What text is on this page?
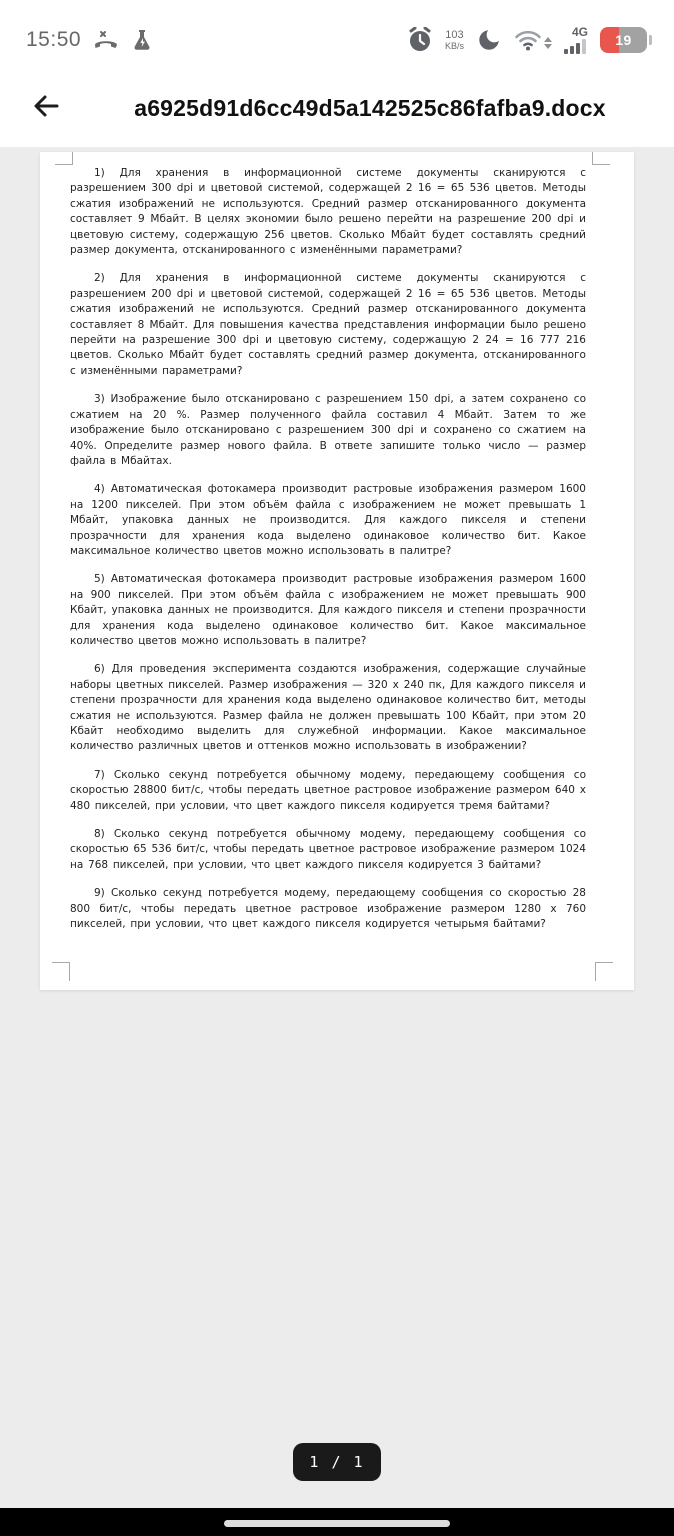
15:50	103
KB/s
4G	19
a6925d91d6cc49d5a142525c86fafba9.docx

1) Для хранения в информационной системе документы сканируются с разрешением 300 dpi и цветовой системой, содержащей 2 16 = 65 536 цветов. Методы сжатия изображений не используются. Средний размер отсканированного документа составляет 9 Мбайт. В целях экономии было решено перейти на разрешение 200 dpi и цветовую систему, содержащую 256 цветов. Сколько Мбайт будет составлять средний размер документа, отсканированного с изменёнными параметрами?

2) Для хранения в информационной системе документы сканируются с разрешением 200 dpi и цветовой системой, содержащей 2 16 = 65 536 цветов. Методы сжатия изображений не используются. Средний размер отсканированного документа составляет 8 Мбайт. Для повышения качества представления информации было решено перейти на разрешение 300 dpi и цветовую систему, содержащую 2 24 = 16 777 216 цветов. Сколько Мбайт будет составлять средний размер документа, отсканированного с изменёнными параметрами?

3) Изображение было отсканировано с разрешением 150 dpi, а затем сохранено со сжатием на 20 %. Размер полученного файла составил 4 Мбайт. Затем то же изображение было отсканировано с разрешением 300 dpi и сохранено со сжатием на 40%. Определите размер нового файла. В ответе запишите только число — размер файла в Мбайтах.

4) Автоматическая фотокамера производит растровые изображения размером 1600 на 1200 пикселей. При этом объём файла с изображением не может превышать 1 Мбайт, упаковка данных не производится. Для каждого пикселя и степени прозрачности для хранения кода выделено одинаковое количество бит. Какое максимальное количество цветов можно использовать в палитре?

5) Автоматическая фотокамера производит растровые изображения размером 1600 на 900 пикселей. При этом объём файла с изображением не может превышать 900 Кбайт, упаковка данных не производится. Для каждого пикселя и степени прозрачности для хранения кода выделено одинаковое количество бит. Какое максимальное количество цветов можно использовать в палитре?

6) Для проведения эксперимента создаются изображения, содержащие случайные наборы цветных пикселей. Размер изображения — 320 x 240 пк, Для каждого пикселя и степени прозрачности для хранения кода выделено одинаковое количество бит, методы сжатия не используются. Размер файла не должен превышать 100 Кбайт, при этом 20 Кбайт необходимо выделить для служебной информации. Какое максимальное количество различных цветов и оттенков можно использовать в изображении?

7) Сколько секунд потребуется обычному модему, передающему сообщения со скоростью 28800 бит/с, чтобы передать цветное растровое изображение размером 640 x 480 пикселей, при условии, что цвет каждого пикселя кодируется тремя байтами?

8) Сколько секунд потребуется обычному модему, передающему сообщения со скоростью 65 536 бит/с, чтобы передать цветное растровое изображение размером 1024 на 768 пикселей, при условии, что цвет каждого пикселя кодируется 3 байтами?

9) Сколько секунд потребуется модему, передающему сообщения со скоростью 28 800 бит/с, чтобы передать цветное растровое изображение размером 1280 x 760 пикселей, при условии, что цвет каждого пикселя кодируется четырьмя байтами?

1 / 1
